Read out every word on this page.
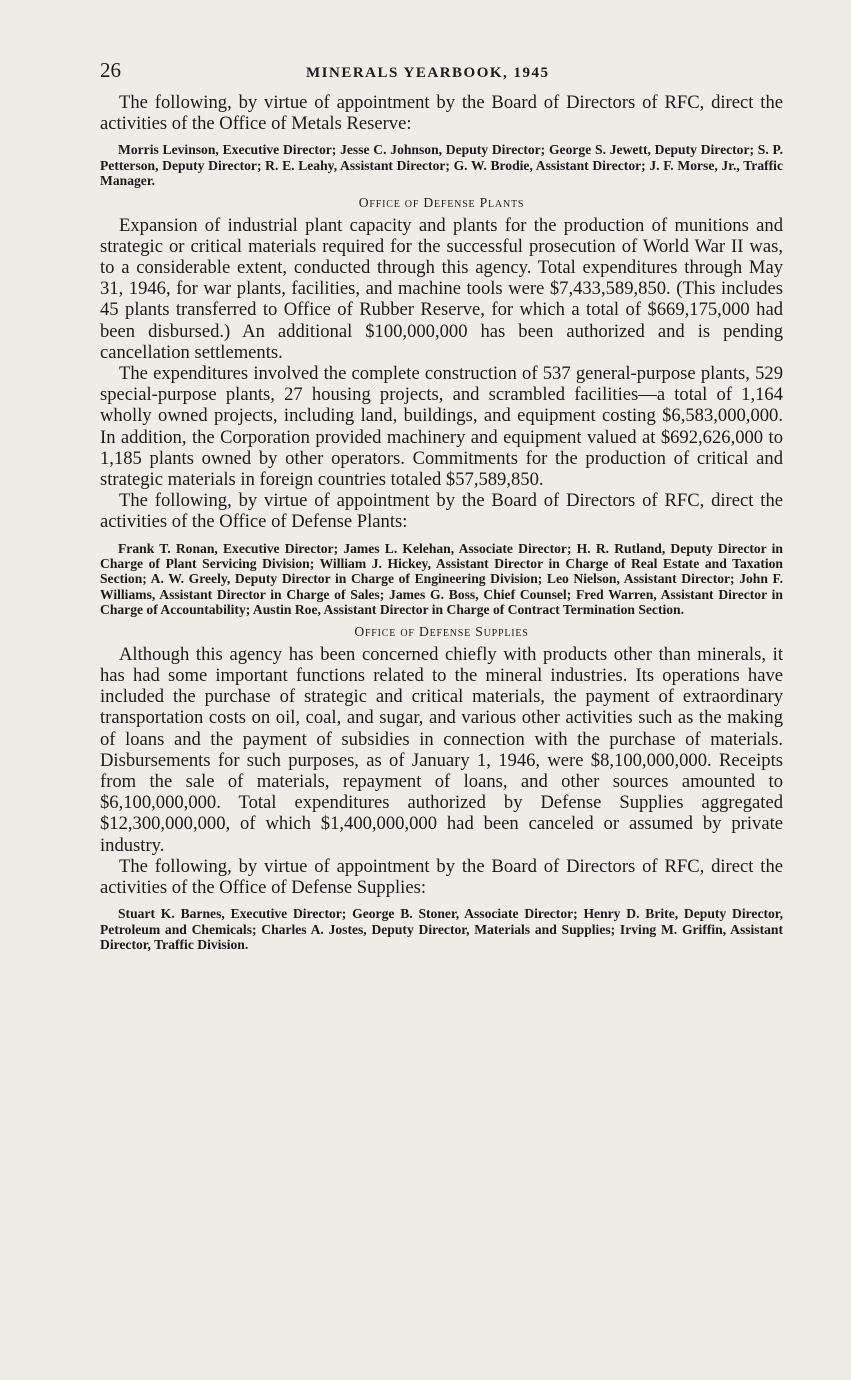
26	MINERALS YEARBOOK, 1945

The following, by virtue of appointment by the Board of Directors of RFC, direct the activities of the Office of Metals Reserve:

Morris Levinson, Executive Director; Jesse C. Johnson, Deputy Director; George S. Jewett, Deputy Director; S. P. Petterson, Deputy Director; R. E. Leahy, Assistant Director; G. W. Brodie, Assistant Director; J. F. Morse, Jr., Traffic Manager.

Office of Defense Plants

Expansion of industrial plant capacity and plants for the production of munitions and strategic or critical materials required for the successful prosecution of World War II was, to a considerable extent, conducted through this agency. Total expenditures through May 31, 1946, for war plants, facilities, and machine tools were $7,433,589,850. (This includes 45 plants transferred to Office of Rubber Reserve, for which a total of $669,175,000 had been disbursed.) An additional $100,000,000 has been authorized and is pending cancellation settlements.

The expenditures involved the complete construction of 537 general-purpose plants, 529 special-purpose plants, 27 housing projects, and scrambled facilities—a total of 1,164 wholly owned projects, including land, buildings, and equipment costing $6,583,000,000. In addition, the Corporation provided machinery and equipment valued at $692,626,000 to 1,185 plants owned by other operators. Commitments for the production of critical and strategic materials in foreign countries totaled $57,589,850.

The following, by virtue of appointment by the Board of Directors of RFC, direct the activities of the Office of Defense Plants:

Frank T. Ronan, Executive Director; James L. Kelehan, Associate Director; H. R. Rutland, Deputy Director in Charge of Plant Servicing Division; William J. Hickey, Assistant Director in Charge of Real Estate and Taxation Section; A. W. Greely, Deputy Director in Charge of Engineering Division; Leo Nielson, Assistant Director; John F. Williams, Assistant Director in Charge of Sales; James G. Boss, Chief Counsel; Fred Warren, Assistant Director in Charge of Accountability; Austin Roe, Assistant Director in Charge of Contract Termination Section.

Office of Defense Supplies

Although this agency has been concerned chiefly with products other than minerals, it has had some important functions related to the mineral industries. Its operations have included the purchase of strategic and critical materials, the payment of extraordinary transportation costs on oil, coal, and sugar, and various other activities such as the making of loans and the payment of subsidies in connection with the purchase of materials. Disbursements for such purposes, as of January 1, 1946, were $8,100,000,000. Receipts from the sale of materials, repayment of loans, and other sources amounted to $6,100,000,000. Total expenditures authorized by Defense Supplies aggregated $12,300,000,000, of which $1,400,000,000 had been canceled or assumed by private industry.

The following, by virtue of appointment by the Board of Directors of RFC, direct the activities of the Office of Defense Supplies:

Stuart K. Barnes, Executive Director; George B. Stoner, Associate Director; Henry D. Brite, Deputy Director, Petroleum and Chemicals; Charles A. Jostes, Deputy Director, Materials and Supplies; Irving M. Griffin, Assistant Director, Traffic Division.
